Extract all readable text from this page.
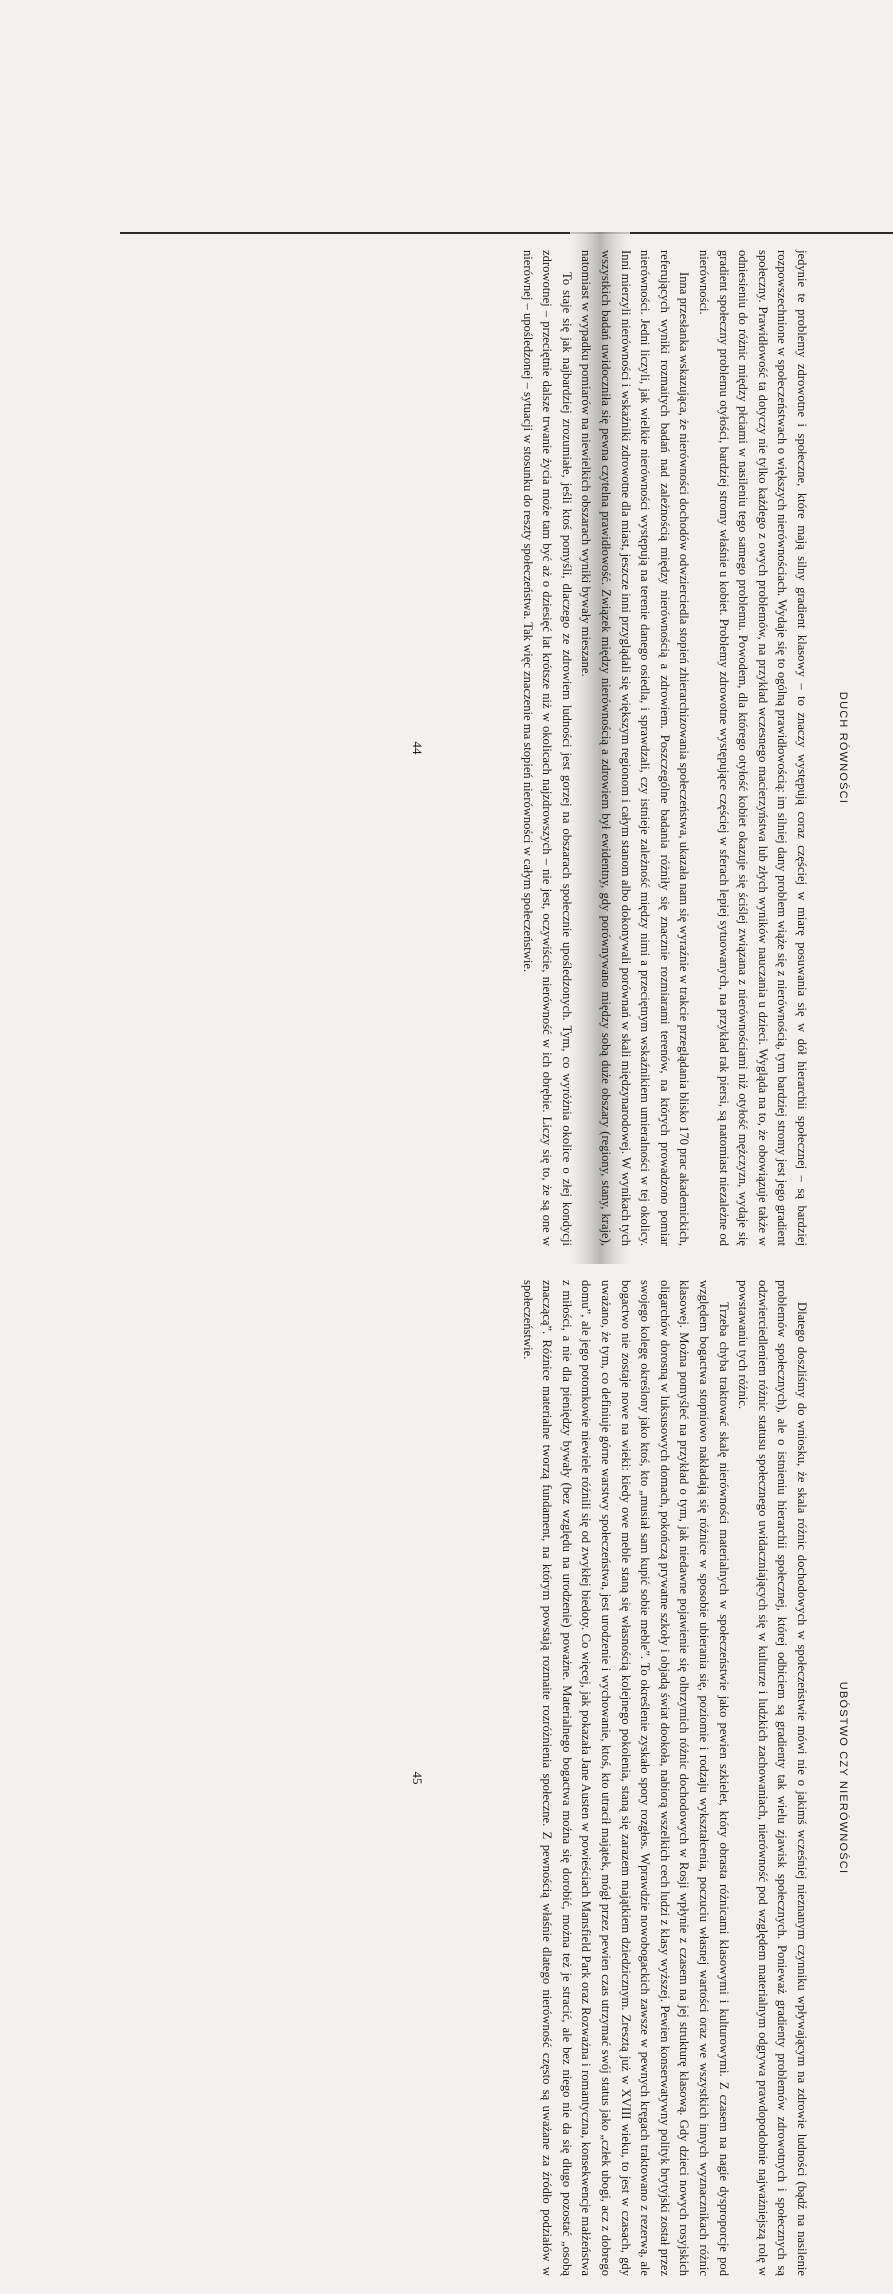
DUCH RÓWNOŚCI

jedynie te problemy zdrowotne i społeczne, które mają silny gradient klasowy – to znaczy występują coraz częściej w miarę posuwania się w dół hierarchii społecznej – są bardziej rozpowszechnione w społeczeństwach o większych nierównościach. Wydaje się to ogólną prawidłowością: im silniej dany problem wiąże się z nierównością, tym bardziej stromy jest jego gradient społeczny. Prawidłowość ta dotyczy nie tylko każdego z owych problemów, na przykład wczesnego macierzyństwa lub złych wyników nauczania u dzieci. Wygląda na to, że obowiązuje także w odniesieniu do różnic między płciami w nasileniu tego samego problemu. Powodem, dla którego otyłość kobiet okazuje się ściślej związana z nierównościami niż otyłość mężczyzn, wydaje się gradient społeczny problemu otyłości, bardziej stromy właśnie u kobiet. Problemy zdrowotne występujące częściej w sferach lepiej sytuowanych, na przykład rak piersi, są natomiast niezależne od nierówności.

Inna przesłanka wskazująca, że nierówności dochodów odwzierciedla stopień zhierarchizowania społeczeństwa, ukazała nam się wyraźnie w trakcie przeglądania blisko 170 prac akademickich, referujących wyniki rozmaitych badań nad zależnością między nierównością a zdrowiem. Poszczególne badania różniły się znacznie rozmiarami terenów, na których prowadzono pomiar nierówności. Jedni liczyli, jak wielkie nierówności występują na terenie danego osiedla, i sprawdzali, czy istnieje zależność między nimi a przeciętnym wskaźnikiem umieralności w tej okolicy. Inni mierzyli nierówności i wskaźniki zdrowotne dla miast, jeszcze inni przyglądali się większym regionom i całym stanom albo dokonywali porównań w skali międzynarodowej. W wynikach tych wszystkich badań uwidoczniła się pewna czytelna prawidłowość. Związek między nierównością a zdrowiem był ewidentny, gdy porównywano między sobą duże obszary (regiony, stany, kraje), natomiast w wypadku pomiarów na niewielkich obszarach wyniki bywały mieszane.

To staje się jak najbardziej zrozumiałe, jeśli ktoś pomyśli, dlaczego ze zdrowiem ludności jest gorzej na obszarach społecznie upośledzonych. Tym, co wyróżnia okolice o złej kondycji zdrowotnej – przeciętnie dalsze trwanie życia może tam być aż o dziesięć lat krótsze niż w okolicach najzdrowszych – nie jest, oczywiście, nierówność w ich obrębie. Liczy się to, że są one w nierównej – upośledzonej – sytuacji w stosunku do reszty społeczeństwa. Tak więc znaczenie ma stopień nierówności w całym społeczeństwie.

44
UBÓSTWO CZY NIERÓWNOŚCI

Dlatego doszliśmy do wniosku, że skala różnic dochodowych w społeczeństwie mówi nie o jakimś wcześniej nieznanym czynniku wpływającym na zdrowie ludności (bądź na nasilenie problemów społecznych), ale o istnieniu hierarchii społecznej, której odbiciem są gradienty tak wielu zjawisk społecznych. Ponieważ gradienty problemów zdrowotnych i społecznych są odzwierciedleniem różnic statusu społecznego uwidaczniających się w kulturze i ludzkich zachowaniach, nierówność pod względem materialnym odgrywa prawdopodobnie najważniejszą rolę w powstawaniu tych różnic.

Trzeba chyba traktować skalę nierówności materialnych w społeczeństwie jako pewien szkielet, który obrasta różnicami klasowymi i kulturowymi. Z czasem na nagie dysproporcje pod względem bogactwa stopniowo nakładają się różnice w sposobie ubierania się, poziomie i rodzaju wykształcenia, poczuciu własnej wartości oraz we wszystkich innych wyznacznikach różnic klasowej. Można pomyśleć na przykład o tym, jak niedawne pojawienie się olbrzymich różnic dochodowych w Rosji wpłynie z czasem na jej strukturę klasową. Gdy dzieci nowych rosyjskich oligarchów dorosną w luksusowych domach, pokończą prywatne szkoły i objadą świat dookoła, nabiorą wszelkich cech ludzi z klasy wyższej. Pewien konserwatywny polityk brytyjski został przez swojego kolegę określony jako ktoś, kto „musiał sam kupić sobie meble”. To określenie zyskało spory rozgłos. Wprawdzie nowobogackich zawsze w pewnych kręgach traktowano z rezerwą, ale bogactwo nie zostaje nowe na wieki: kiedy owe meble staną się własnością kolejnego pokolenia, staną się zarazem majątkiem dziedzicznym. Zresztą już w XVIII wieku, to jest w czasach, gdy uważano, że tym, co definiuje górne warstwy społeczeństwa, jest urodzenie i wychowanie, ktoś, kto utracił majątek, mógł przez pewien czas utrzymać swój status jako „człek ubogi, acz z dobrego domu”, ale jego potomkowie niewiele różnili się od zwykłej biedoty. Co więcej, jak pokazała Jane Austen w powieściach Mansfield Park oraz Rozważna i romantyczna, konsekwencje małżeństwa z miłości, a nie dla pieniędzy bywały (bez względu na urodzenie) poważne. Materialnego bogactwa można się dorobić, można też je stracić, ale bez niego nie da się długo pozostać „osobą znaczącą”. Różnice materialne tworzą fundament, na którym powstają rozmaite rozróżnienia społeczne. Z pewnością właśnie dlatego nierówność często są uważane za źródło podziałów w społeczeństwie.

45
